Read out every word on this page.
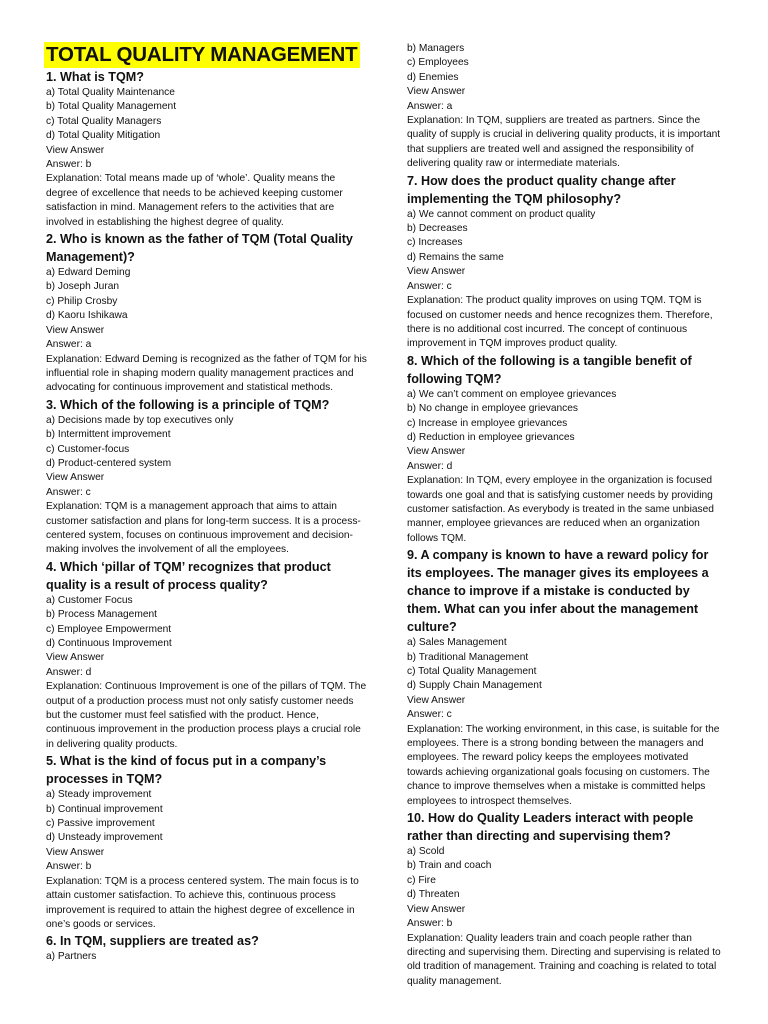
TOTAL QUALITY MANAGEMENT

1. What is TQM?

a) Total Quality Maintenance

b) Total Quality Management

c) Total Quality Managers

d) Total Quality Mitigation

View Answer

Answer: b

Explanation: Total means made up of ‘whole’. Quality means the degree of excellence that needs to be achieved keeping customer satisfaction in mind. Management refers to the activities that are involved in establishing the highest degree of quality.

2. Who is known as the father of TQM (Total Quality Management)?

a) Edward Deming

b) Joseph Juran

c) Philip Crosby

d) Kaoru Ishikawa

View Answer

Answer: a

Explanation: Edward Deming is recognized as the father of TQM for his influential role in shaping modern quality management practices and advocating for continuous improvement and statistical methods.

3. Which of the following is a principle of TQM?

a) Decisions made by top executives only

b) Intermittent improvement

c) Customer-focus

d) Product-centered system

View Answer

Answer: c

Explanation: TQM is a management approach that aims to attain customer satisfaction and plans for long-term success. It is a process-centered system, focuses on continuous improvement and decision-making involves the involvement of all the employees.

4. Which ‘pillar of TQM’ recognizes that product quality is a result of process quality?

a) Customer Focus

b) Process Management

c) Employee Empowerment

d) Continuous Improvement

View Answer

Answer: d

Explanation: Continuous Improvement is one of the pillars of TQM. The output of a production process must not only satisfy customer needs but the customer must feel satisfied with the product. Hence, continuous improvement in the production process plays a crucial role in delivering quality products.

5. What is the kind of focus put in a company’s processes in TQM?

a) Steady improvement

b) Continual improvement

c) Passive improvement

d) Unsteady improvement

View Answer

Answer: b

Explanation: TQM is a process centered system. The main focus is to attain customer satisfaction. To achieve this, continuous process improvement is required to attain the highest degree of excellence in one’s goods or services.

6. In TQM, suppliers are treated as?

a) Partners

b) Managers

c) Employees

d) Enemies

View Answer

Answer: a

Explanation: In TQM, suppliers are treated as partners. Since the quality of supply is crucial in delivering quality products, it is important that suppliers are treated well and assigned the responsibility of delivering quality raw or intermediate materials.

7. How does the product quality change after implementing the TQM philosophy?

a) We cannot comment on product quality

b) Decreases

c) Increases

d) Remains the same

View Answer

Answer: c

Explanation: The product quality improves on using TQM. TQM is focused on customer needs and hence recognizes them. Therefore, there is no additional cost incurred. The concept of continuous improvement in TQM improves product quality.

8. Which of the following is a tangible benefit of following TQM?

a) We can’t comment on employee grievances

b) No change in employee grievances

c) Increase in employee grievances

d) Reduction in employee grievances

View Answer

Answer: d

Explanation: In TQM, every employee in the organization is focused towards one goal and that is satisfying customer needs by providing customer satisfaction. As everybody is treated in the same unbiased manner, employee grievances are reduced when an organization follows TQM.

9. A company is known to have a reward policy for its employees. The manager gives its employees a chance to improve if a mistake is conducted by them. What can you infer about the management culture?

a) Sales Management

b) Traditional Management

c) Total Quality Management

d) Supply Chain Management

View Answer

Answer: c

Explanation: The working environment, in this case, is suitable for the employees. There is a strong bonding between the managers and employees. The reward policy keeps the employees motivated towards achieving organizational goals focusing on customers. The chance to improve themselves when a mistake is committed helps employees to introspect themselves.

10. How do Quality Leaders interact with people rather than directing and supervising them?

a) Scold

b) Train and coach

c) Fire

d) Threaten

View Answer

Answer: b

Explanation: Quality leaders train and coach people rather than directing and supervising them. Directing and supervising is related to old tradition of management. Training and coaching is related to total quality management.
